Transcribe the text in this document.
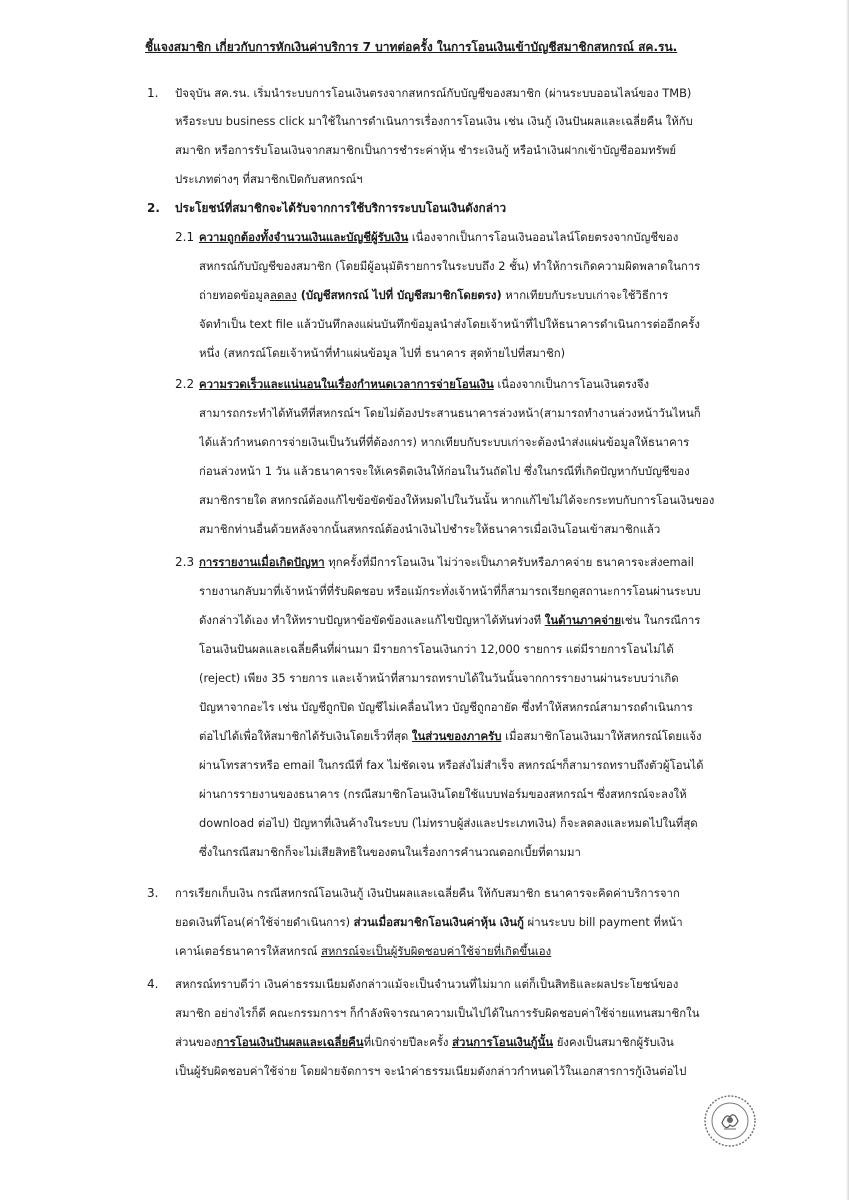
ชี้แจงสมาชิก เกี่ยวกับการหักเงินค่าบริการ 7 บาทต่อครั้ง ในการโอนเงินเข้าบัญชีสมาชิกสหกรณ์ สค.รน.
1. ปัจจุบัน สค.รน. เริ่มนำระบบการโอนเงินตรงจากสหกรณ์กับบัญชีของสมาชิก (ผ่านระบบออนไลน์ของ TMB)
หรือระบบ business click มาใช้ในการดำเนินการเรื่องการโอนเงิน เช่น เงินกู้ เงินปันผลและเฉลี่ยคืน ให้กับ
สมาชิก หรือการรับโอนเงินจากสมาชิกเป็นการชำระค่าหุ้น ชำระเงินกู้ หรือนำเงินฝากเข้าบัญชีออมทรัพย์
ประเภทต่างๆ ที่สมาชิกเปิดกับสหกรณ์ฯ
2. ประโยชน์ที่สมาชิกจะได้รับจากการใช้บริการระบบโอนเงินดังกล่าว
2.1 ความถูกต้องทั้งจำนวนเงินและบัญชีผู้รับเงิน เนื่องจากเป็นการโอนเงินออนไลน์โดยตรงจากบัญชีของ
สหกรณ์กับบัญชีของสมาชิก (โดยมีผู้อนุมัติรายการในระบบถึง 2 ชั้น) ทำให้การเกิดความผิดพลาดในการ
ถ่ายทอดข้อมูลลดลง (บัญชีสหกรณ์ ไปที่ บัญชีสมาชิกโดยตรง) หากเทียบกับระบบเก่าจะใช้วิธีการ
จัดทำเป็น text file แล้วบันทึกลงแผ่นบันทึกข้อมูลนำส่งโดยเจ้าหน้าที่ไปให้ธนาคารดำเนินการต่ออีกครั้ง
หนึ่ง (สหกรณ์โดยเจ้าหน้าที่ทำแผ่นข้อมูล ไปที่ ธนาคาร สุดท้ายไปที่สมาชิก)
2.2 ความรวดเร็วและแน่นอนในเรื่องกำหนดเวลาการจ่ายโอนเงิน เนื่องจากเป็นการโอนเงินตรงจึง
สามารถกระทำได้ทันทีที่สหกรณ์ฯ โดยไม่ต้องประสานธนาคารล่วงหน้า(สามารถทำงานล่วงหน้าวันไหนก็
ได้แล้วกำหนดการจ่ายเงินเป็นวันที่ที่ต้องการ) หากเทียบกับระบบเก่าจะต้องนำส่งแผ่นข้อมูลให้ธนาคาร
ก่อนล่วงหน้า 1 วัน แล้วธนาคารจะให้เครดิตเงินให้ก่อนในวันถัดไป ซึ่งในกรณีที่เกิดปัญหากับบัญชีของ
สมาชิกรายใด สหกรณ์ต้องแก้ไขข้อขัดข้องให้หมดไปในวันนั้น หากแก้ไขไม่ได้จะกระทบกับการโอนเงินของ
สมาชิกท่านอื่นด้วยหลังจากนั้นสหกรณ์ต้องนำเงินไปชำระให้ธนาคารเมื่อเงินโอนเข้าสมาชิกแล้ว
2.3 การรายงานเมื่อเกิดปัญหา ทุกครั้งที่มีการโอนเงิน ไม่ว่าจะเป็นภาครับหรือภาคจ่าย ธนาคารจะส่งemail
รายงานกลับมาที่เจ้าหน้าที่ที่รับผิดชอบ หรือแม้กระทั่งเจ้าหน้าที่ก็สามารถเรียกดูสถานะการโอนผ่านระบบ
ดังกล่าวได้เอง ทำให้ทราบปัญหาข้อขัดข้องและแก้ไขปัญหาได้ทันท่วงที ในด้านภาคจ่ายเช่น ในกรณีการ
โอนเงินปันผลและเฉลี่ยคืนที่ผ่านมา มีรายการโอนเงินกว่า 12,000 รายการ แต่มีรายการโอนไม่ได้
(reject) เพียง 35 รายการ และเจ้าหน้าที่สามารถทราบได้ในวันนั้นจากการรายงานผ่านระบบว่าเกิด
ปัญหาจากอะไร เช่น บัญชีถูกปิด บัญชีไม่เคลื่อนไหว บัญชีถูกอายัด ซึ่งทำให้สหกรณ์สามารถดำเนินการ
ต่อไปได้เพื่อให้สมาชิกได้รับเงินโดยเร็วที่สุด ในส่วนของภาครับ เมื่อสมาชิกโอนเงินมาให้สหกรณ์โดยแจ้ง
ผ่านโทรสารหรือ email ในกรณีที่ fax ไม่ชัดเจน หรือส่งไม่สำเร็จ สหกรณ์ฯก็สามารถทราบถึงตัวผู้โอนได้
ผ่านการรายงานของธนาคาร (กรณีสมาชิกโอนเงินโดยใช้แบบฟอร์มของสหกรณ์ฯ ซึ่งสหกรณ์จะลงให้
download ต่อไป) ปัญหาที่เงินค้างในระบบ (ไม่ทราบผู้ส่งและประเภทเงิน) ก็จะลดลงและหมดไปในที่สุด
ซึ่งในกรณีสมาชิกก็จะไม่เสียสิทธิในของตนในเรื่องการคำนวณดอกเบี้ยที่ตามมา
3. การเรียกเก็บเงิน กรณีสหกรณ์โอนเงินกู้ เงินปันผลและเฉลี่ยคืน ให้กับสมาชิก ธนาคารจะคิดค่าบริการจาก
ยอดเงินที่โอน(ค่าใช้จ่ายดำเนินการ) ส่วนเมื่อสมาชิกโอนเงินค่าหุ้น เงินกู้ ผ่านระบบ bill payment ที่หน้า
เคาน์เตอร์ธนาคารให้สหกรณ์ สหกรณ์จะเป็นผู้รับผิดชอบค่าใช้จ่ายที่เกิดขึ้นเอง
4. สหกรณ์ทราบดีว่า เงินค่าธรรมเนียมดังกล่าวแม้จะเป็นจำนวนที่ไม่มาก แต่ก็เป็นสิทธิและผลประโยชน์ของ
สมาชิก อย่างไรก็ดี คณะกรรมการฯ ก็กำลังพิจารณาความเป็นไปได้ในการรับผิดชอบค่าใช้จ่ายแทนสมาชิกใน
ส่วนของการโอนเงินปันผลและเฉลี่ยคืนที่เบิกจ่ายปีละครั้ง ส่วนการโอนเงินกู้นั้น ยังคงเป็นสมาชิกผู้รับเงิน
เป็นผู้รับผิดชอบค่าใช้จ่าย โดยฝ่ายจัดการฯ จะนำค่าธรรมเนียมดังกล่าวกำหนดไว้ในเอกสารการกู้เงินต่อไป
